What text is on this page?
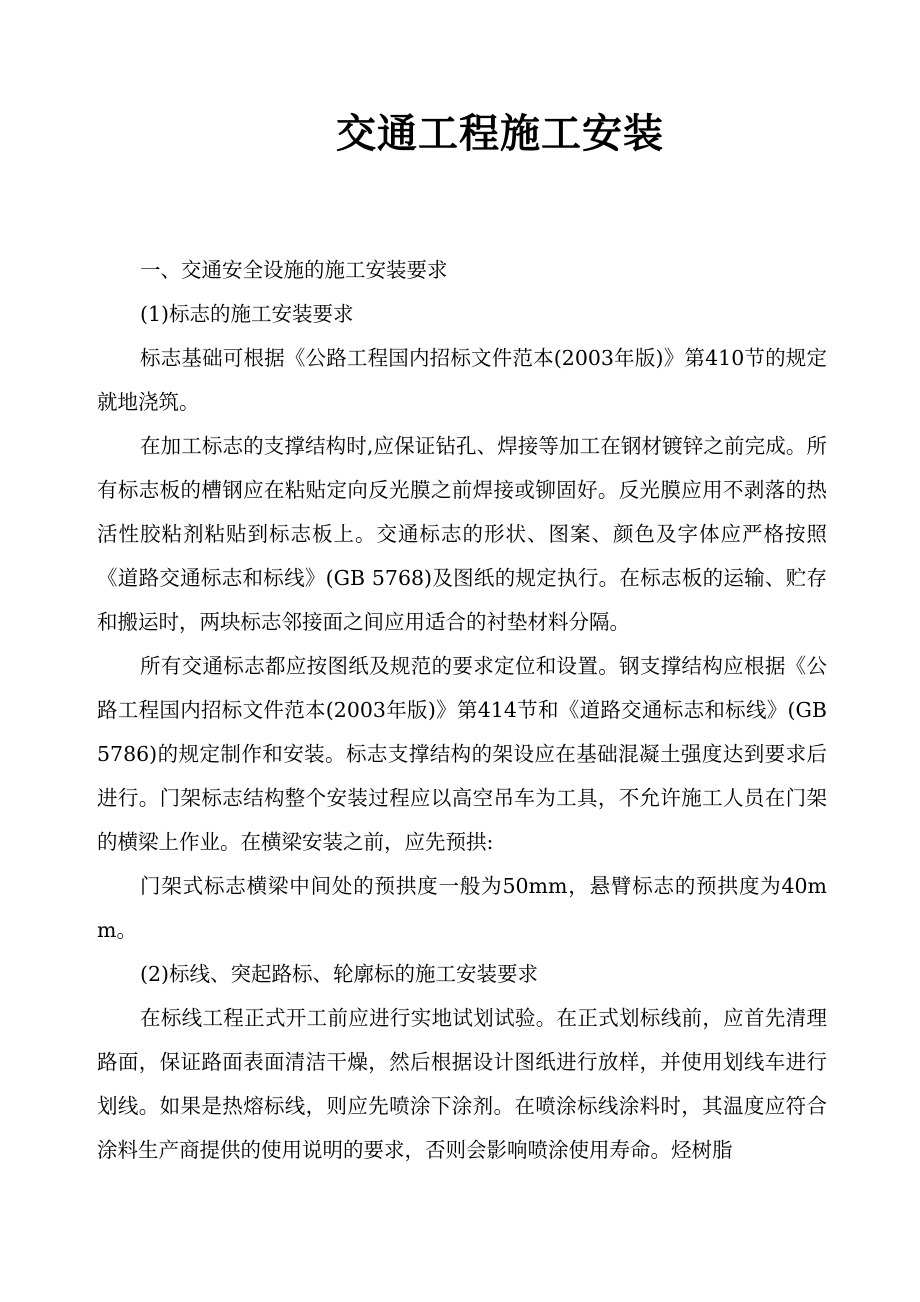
交通工程施工安装

一、交通安全设施的施工安装要求

(1)标志的施工安装要求

标志基础可根据《公路工程国内招标文件范本(2003年版)》第410节的规定就地浇筑。

在加工标志的支撑结构时,应保证钻孔、焊接等加工在钢材镀锌之前完成。所有标志板的槽钢应在粘贴定向反光膜之前焊接或铆固好。反光膜应用不剥落的热活性胶粘剂粘贴到标志板上。交通标志的形状、图案、颜色及字体应严格按照《道路交通标志和标线》(GB 5768)及图纸的规定执行。在标志板的运输、贮存和搬运时，两块标志邻接面之间应用适合的衬垫材料分隔。

所有交通标志都应按图纸及规范的要求定位和设置。钢支撑结构应根据《公路工程国内招标文件范本(2003年版)》第414节和《道路交通标志和标线》(GB 5786)的规定制作和安装。标志支撑结构的架设应在基础混凝土强度达到要求后进行。门架标志结构整个安装过程应以高空吊车为工具，不允许施工人员在门架的横梁上作业。在横梁安装之前，应先预拱:

门架式标志横梁中间处的预拱度一般为50mm，悬臂标志的预拱度为40mm。

(2)标线、突起路标、轮廓标的施工安装要求

在标线工程正式开工前应进行实地试划试验。在正式划标线前，应首先清理路面，保证路面表面清洁干燥，然后根据设计图纸进行放样，并使用划线车进行划线。如果是热熔标线，则应先喷涂下涂剂。在喷涂标线涂料时，其温度应符合涂料生产商提供的使用说明的要求，否则会影响喷涂使用寿命。烃树脂
